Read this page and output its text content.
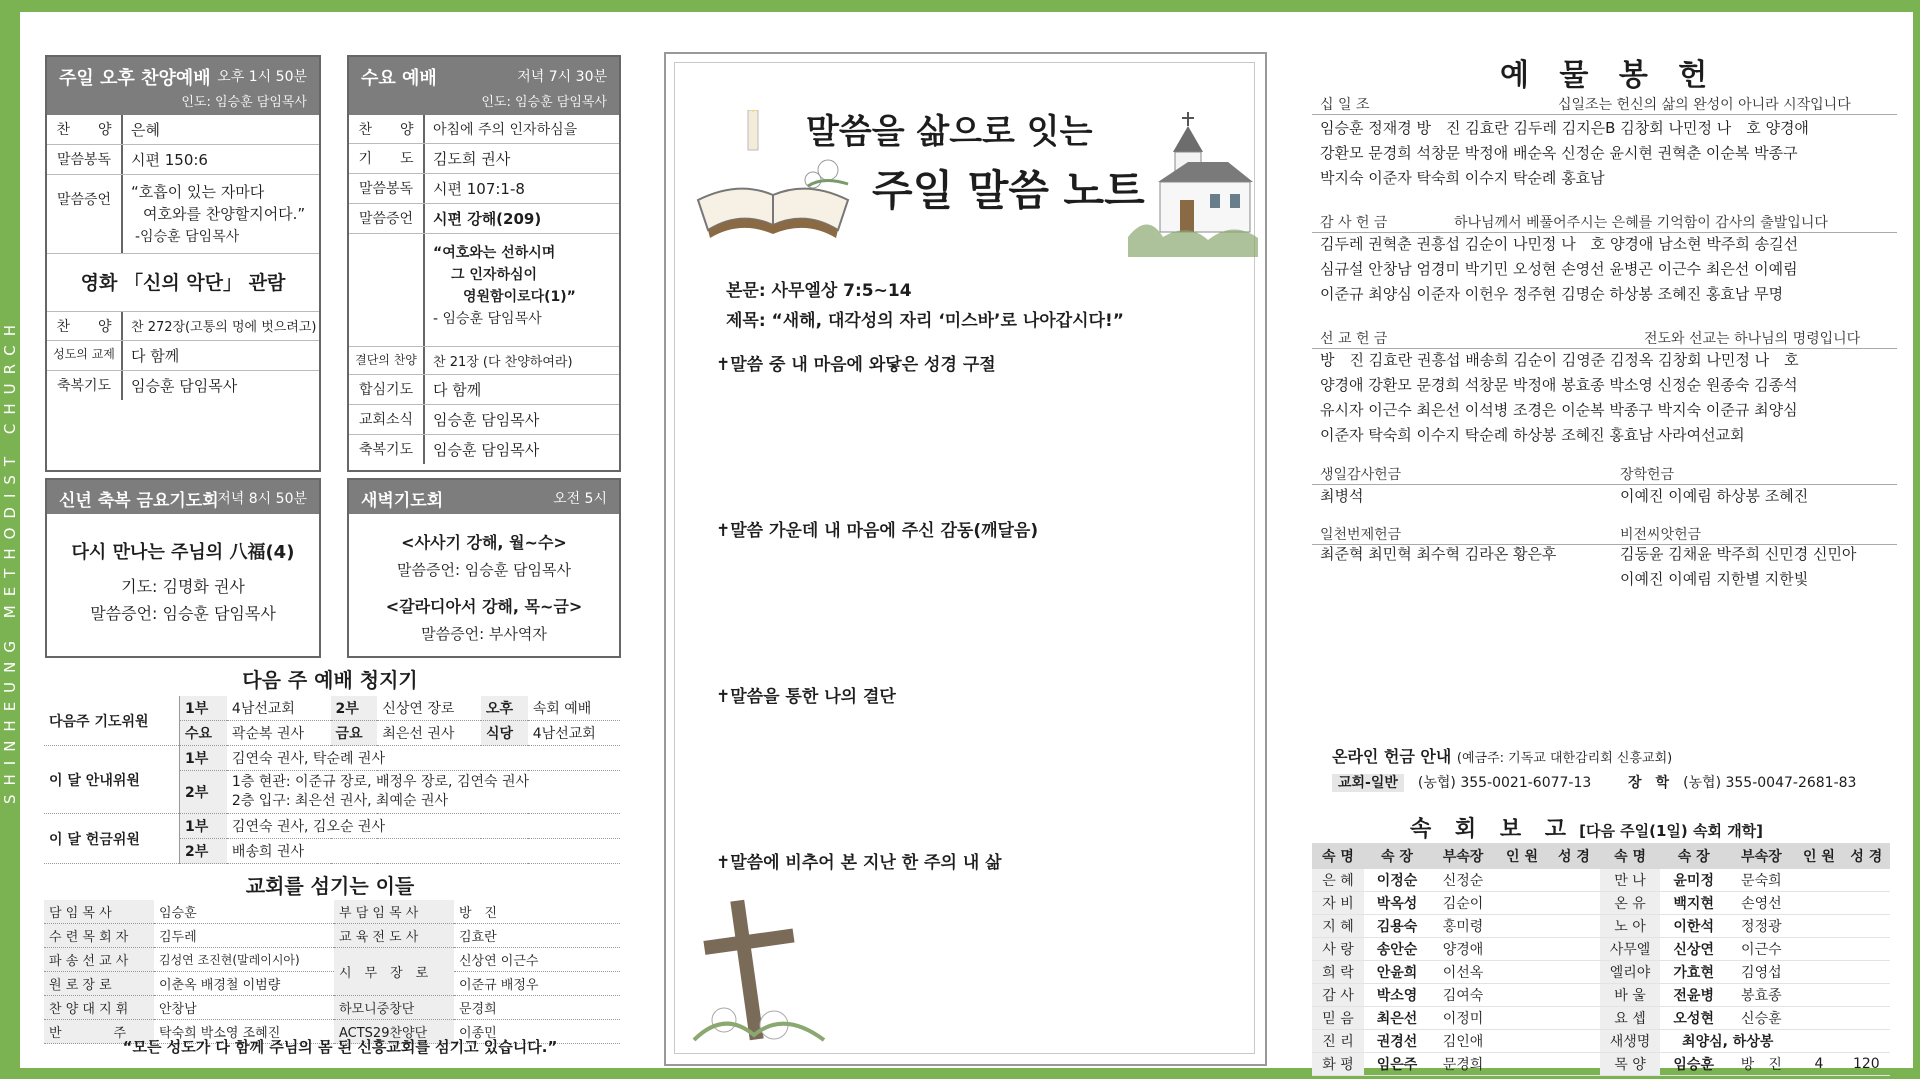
SHINHEUNG METHODIST CHURCH
주일 오후 찬양예배 오후 1시 50분
인도: 임승훈 담임목사
찬　　양	은혜
말씀봉독	시편 150:6
말씀증언	“호흡이 있는 자마다
여호와를 찬양할지어다.”
-임승훈 담임목사
영화 「신의 악단」 관람
찬　　양	찬 272장(고통의 멍에 벗으려고)
성도의 교제	다 함께
축복기도	임승훈 담임목사
수요 예배	저녁 7시 30분
인도: 임승훈 담임목사
찬　　양	아침에 주의 인자하심을
기　　도	김도희 권사
말씀봉독	시편 107:1-8
말씀증언	시편 강해(209)
“여호와는 선하시며
그 인자하심이
영원함이로다(1)”
- 임승훈 담임목사
결단의 찬양	찬 21장 (다 찬양하여라)
합심기도	다 함께
교회소식	임승훈 담임목사
축복기도	임승훈 담임목사
신년 축복 금요기도회
저녁 8시 50분
다시 만나는 주님의 八福(4)
기도: 김명화 권사
말씀증언: 임승훈 담임목사
새벽기도회	오전 5시
<사사기 강해, 월~수>
말씀증언: 임승훈 담임목사
<갈라디아서 강해, 목~금>
말씀증언: 부사역자
다음 주 예배 청지기
다음주 기도위원	1부	4남선교회	2부	신상연 장로	오후	속회 예배
	수요	곽순복 권사	금요	최은선 권사	식당	4남선교회
이 달 안내위원	1부	김연숙 권사, 탁순례 권사				
	2부	1층 현관: 이준규 장로, 배정우 장로, 김연숙 권사
2층 입구: 최은선 권사, 최예순 권사				
이 달 헌금위원	1부	김연숙 권사, 김오순 권사				
	2부	배송희 권사				
교회를 섬기는 이들
담 임 목 사	임승훈	부 담 임 목 사	방　진
수 련 목 회 자	김두레	교 육 전 도 사	김효란
파 송 선 교 사	김성연 조진현(말레이시아)	시　무　장　로	신상연 이근수
원 로 장 로	이춘옥 배경철 이범량		이준규 배정우
찬 양 대 지 휘	안창남	하모니중창단	문경희
반　　　　주	탁숙희 박소영 조혜진	ACTS29찬양단	이종민
“모든 성도가 다 함께 주님의 몸 된 신흥교회를 섬기고 있습니다.”
말씀을 삶으로 잇는
주일 말씀 노트
본문: 사무엘상 7:5~14
제목: “새해, 대각성의 자리 ‘미스바’로 나아갑시다!”
✝말씀 중 내 마음에 와닿은 성경 구절
✝말씀 가운데 내 마음에 주신 감동(깨달음)
✝말씀을 통한 나의 결단
✝말씀에 비추어 본 지난 한 주의 내 삶
예 물 봉 헌
십 일 조	십일조는 헌신의 삶의 완성이 아니라 시작입니다
임승훈 정재경 방　진 김효란 김두레 김지은B 김창회 나민정 나　호 양경애
강환모 문경희 석창문 박정애 배순옥 신정순 윤시현 권혁춘 이순복 박종구
박지숙 이준자 탁숙희 이수지 탁순례 홍효남
감 사 헌 금	하나님께서 베풀어주시는 은혜를 기억함이 감사의 출발입니다
김두레 권혁춘 권흥섭 김순이 나민정 나　호 양경애 남소현 박주희 송길선
심규설 안창남 엄경미 박기민 오성현 손영선 윤병곤 이근수 최은선 이예림
이준규 최양심 이준자 이헌우 정주현 김명순 하상봉 조혜진 홍효남 무명
선 교 헌 금	전도와 선교는 하나님의 명령입니다
방　진 김효란 권흥섭 배송희 김순이 김영준 김정옥 김창회 나민정 나　호
양경애 강환모 문경희 석창문 박정애 봉효종 박소영 신정순 원종숙 김종석
유시자 이근수 최은선 이석병 조경은 이순복 박종구 박지숙 이준규 최양심
이준자 탁숙희 이수지 탁순례 하상봉 조혜진 홍효남 사라여선교회
생일감사헌금	장학헌금
최병석	이예진 이예림 하상봉 조혜진
일천번제헌금	비전씨앗헌금
최준혁 최민혁 최수혁 김라온 황은후	김동윤 김채윤 박주희 신민경 신민아
이예진 이예림 지한별 지한빛
온라인 헌금 안내 (예금주: 기독교 대한감리회 신흥교회)
교회-일반　 (농협) 355-0021-6077-13	장　학　 (농협) 355-0047-2681-83
속 회 보 고 [다음 주일(1일) 속회 개학]
속 명	속 장	부속장	인 원	성 경
은 혜	이정순	신정순		
자 비	박옥성	김순이		
지 혜	김용숙	홍미령		
사 랑	송안순	양경애		
희 락	안윤희	이선옥		
감 사	박소영	김여숙		
믿 음	최은선	이정미		
진 리	권경선	김인애		
화 평	임은주	문경희		
속 명	속 장	부속장	인 원	성 경
만 나	윤미정	문숙희		
온 유	백지현	손영선		
노 아	이한석	정정광		
사무엘	신상연	이근수		
엘리야	가효현	김영섭		
바 울	전윤병	봉효종		
요 셉	오성현	신승훈		
새생명	최양심, 하상봉			
목 양	임승훈	방　진	4	120
